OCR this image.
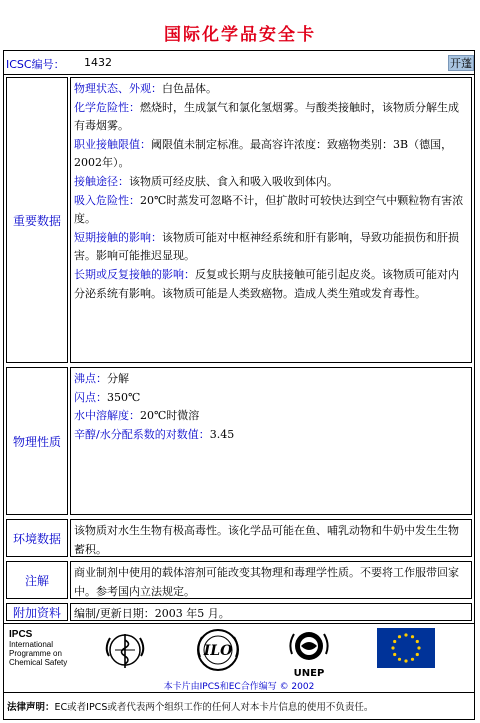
国际化学品安全卡
ICSC编号： 1432	开蓬
重要数据

物理状态、外观：白色晶体。

化学危险性：燃烧时，生成氯气和氯化氢烟雾。与酸类接触时，该物质分解生成有毒烟雾。

职业接触限值：阈限值未制定标准。最高容许浓度：致癌物类别：3B（德国，2002年）。

接触途径：该物质可经皮肤、食入和吸入吸收到体内。

吸入危险性：20℃时蒸发可忽略不计，但扩散时可较快达到空气中颗粒物有害浓度。

短期接触的影响：该物质可能对中枢神经系统和肝有影响，导致功能损伤和肝损害。影响可能推迟显现。

长期或反复接触的影响：反复或长期与皮肤接触可能引起皮炎。该物质可能对内分泌系统有影响。该物质可能是人类致癌物。造成人类生殖或发育毒性。

物理性质

沸点：分解

闪点：350℃

水中溶解度：20℃时微溶

辛醇/水分配系数的对数值：3.45

环境数据
该物质对水生生物有极高毒性。该化学品可能在鱼、哺乳动物和牛奶中发生生物蓄积。
注解
商业制剂中使用的载体溶剂可能改变其物理和毒理学性质。不要将工作服带回家中。参考国内立法规定。
附加资料	编制/更新日期：2003 年5 月。
IPCS
International
Programme on
Chemical Safety
ILO
UNEP
本卡片由IPCS和EC合作编写 © 2002
法律声明：EC或者IPCS或者代表两个组织工作的任何人对本卡片信息的使用不负责任。
